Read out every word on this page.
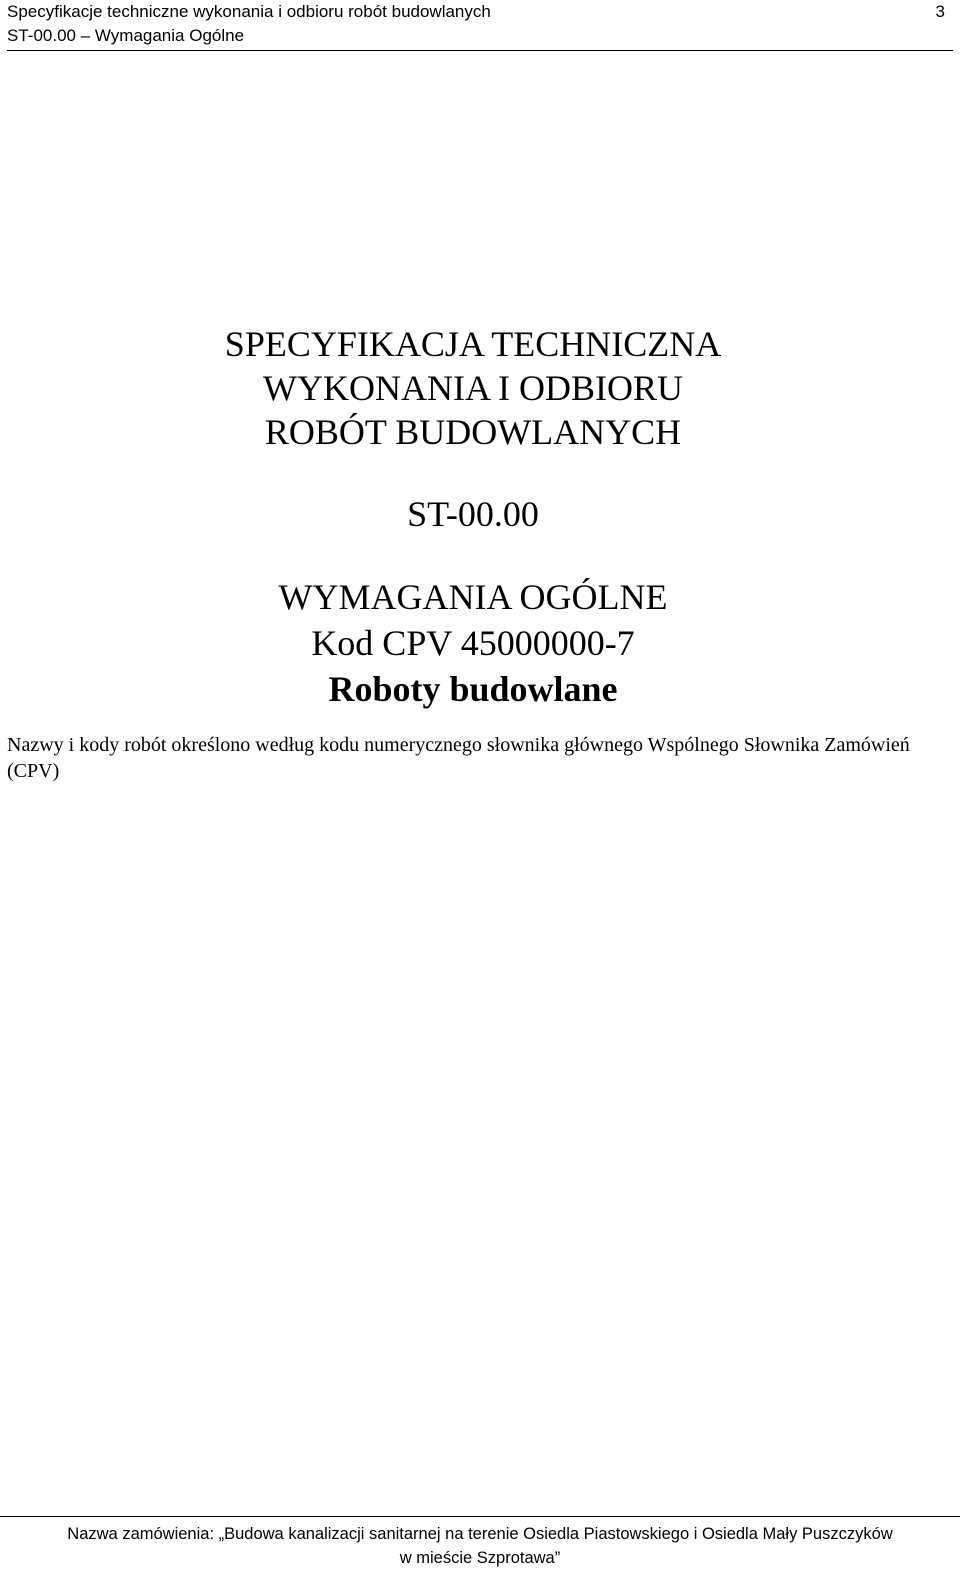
Specyfikacje techniczne wykonania i odbioru robót budowlanych
ST-00.00 – Wymagania Ogólne
3
SPECYFIKACJA TECHNICZNA
WYKONANIA I ODBIORU
ROBÓT BUDOWLANYCH
ST-00.00
WYMAGANIA OGÓLNE
Kod CPV 45000000-7
Roboty budowlane
Nazwy i kody robót określono według kodu numerycznego słownika głównego Wspólnego Słownika Zamówień (CPV)
Nazwa zamówienia: „Budowa kanalizacji sanitarnej na terenie Osiedla Piastowskiego i Osiedla Mały Puszczyków
w mieście Szprotawa”
